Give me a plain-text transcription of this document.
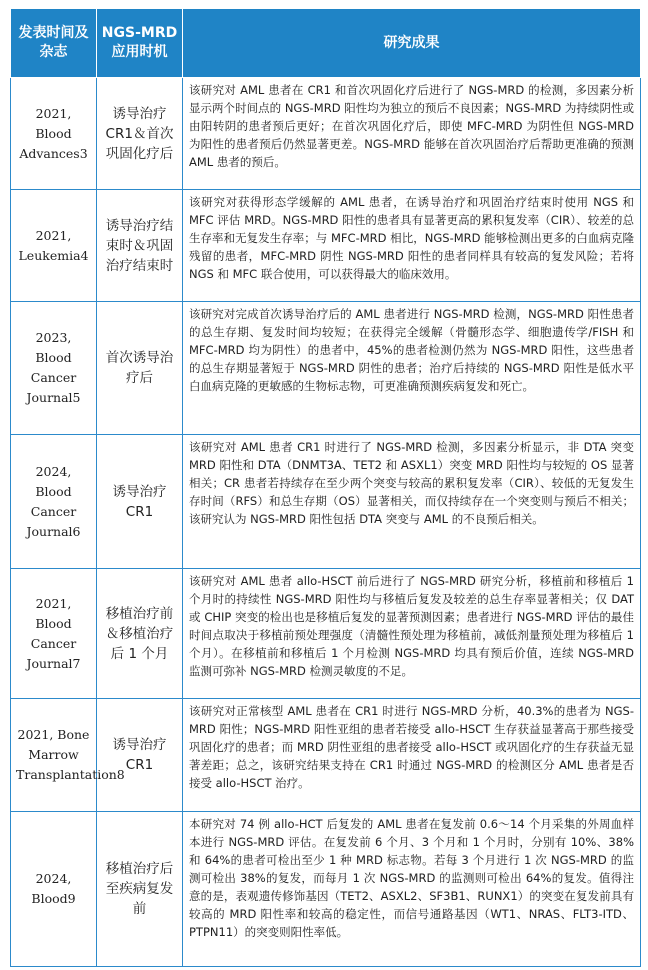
发表时间及杂志	NGS-MRD应用时机	研究成果
2021, Blood Advances3	诱导治疗CR1＆首次巩固化疗后	该研究对 AML 患者在 CR1 和首次巩固化疗后进行了 NGS-MRD 的检测，多因素分析显示两个时间点的 NGS-MRD 阳性均为独立的预后不良因素；NGS-MRD 为持续阴性或由阳转阴的患者预后更好；在首次巩固化疗后，即使 MFC-MRD 为阴性但 NGS-MRD 为阳性的患者预后仍然显著更差。NGS-MRD 能够在首次巩固治疗后帮助更准确的预测 AML 患者的预后。
2021, Leukemia4	诱导治疗结束时＆巩固治疗结束时	该研究对获得形态学缓解的 AML 患者，在诱导治疗和巩固治疗结束时使用 NGS 和 MFC 评估 MRD。NGS-MRD 阳性的患者具有显著更高的累积复发率（CIR）、较差的总生存率和无复发生存率；与 MFC-MRD 相比，NGS-MRD 能够检测出更多的白血病克隆残留的患者，MFC-MRD 阴性 NGS-MRD 阳性的患者同样具有较高的复发风险；若将 NGS 和 MFC 联合使用，可以获得最大的临床效用。
2023, Blood Cancer Journal5	首次诱导治疗后	该研究对完成首次诱导治疗后的 AML 患者进行 NGS-MRD 检测，NGS-MRD 阳性患者的总生存期、复发时间均较短；在获得完全缓解（骨髓形态学、细胞遗传学/FISH 和 MFC-MRD 均为阴性）的患者中，45%的患者检测仍然为 NGS-MRD 阳性，这些患者的总生存期显著短于 NGS-MRD 阴性的患者；治疗后持续的 NGS-MRD 阳性是低水平白血病克隆的更敏感的生物标志物，可更准确预测疾病复发和死亡。
2024, Blood Cancer Journal6	诱导治疗CR1	该研究对 AML 患者 CR1 时进行了 NGS-MRD 检测，多因素分析显示，非 DTA 突变 MRD 阳性和 DTA（DNMT3A、TET2 和 ASXL1）突变 MRD 阳性均与较短的 OS 显著相关；CR 患者若持续存在至少两个突变与较高的累积复发率（CIR）、较低的无复发生存时间（RFS）和总生存期（OS）显著相关，而仅持续存在一个突变则与预后不相关；该研究认为 NGS-MRD 阳性包括 DTA 突变与 AML 的不良预后相关。
2021, Blood Cancer Journal7	移植治疗前＆移植治疗后 1 个月	该研究对 AML 患者 allo-HSCT 前后进行了 NGS-MRD 研究分析，移植前和移植后 1 个月时的持续性 NGS-MRD 阳性均与移植后复发及较差的总生存率显著相关；仅 DAT 或 CHIP 突变的检出也是移植后复发的显著预测因素；患者进行 NGS-MRD 评估的最佳时间点取决于移植前预处理强度（清髓性预处理为移植前，减低剂量预处理为移植后 1 个月）。在移植前和移植后 1 个月检测 NGS-MRD 均具有预后价值，连续 NGS-MRD 监测可弥补 NGS-MRD 检测灵敏度的不足。
2021, Bone Marrow Transplantation8	诱导治疗CR1	该研究对正常核型 AML 患者在 CR1 时进行 NGS-MRD 分析，40.3%的患者为 NGS-MRD 阳性；NGS-MRD 阳性亚组的患者若接受 allo-HSCT 生存获益显著高于那些接受巩固化疗的患者；而 MRD 阴性亚组的患者接受 allo-HSCT 或巩固化疗的生存获益无显著差距；总之，该研究结果支持在 CR1 时通过 NGS-MRD 的检测区分 AML 患者是否接受 allo-HSCT 治疗。
2024, Blood9	移植治疗后至疾病复发前	本研究对 74 例 allo-HCT 后复发的 AML 患者在复发前 0.6～14 个月采集的外周血样本进行 NGS-MRD 评估。在复发前 6 个月、3 个月和 1 个月时，分别有 10%、38%和 64%的患者可检出至少 1 种 MRD 标志物。若每 3 个月进行 1 次 NGS-MRD 的监测可检出 38%的复发，而每月 1 次 NGS-MRD 的监测则可检出 64%的复发。值得注意的是，表观遗传修饰基因（TET2、ASXL2、SF3B1、RUNX1）的突变在复发前具有较高的 MRD 阳性率和较高的稳定性，而信号通路基因（WT1、NRAS、FLT3-ITD、PTPN11）的突变则阳性率低。
